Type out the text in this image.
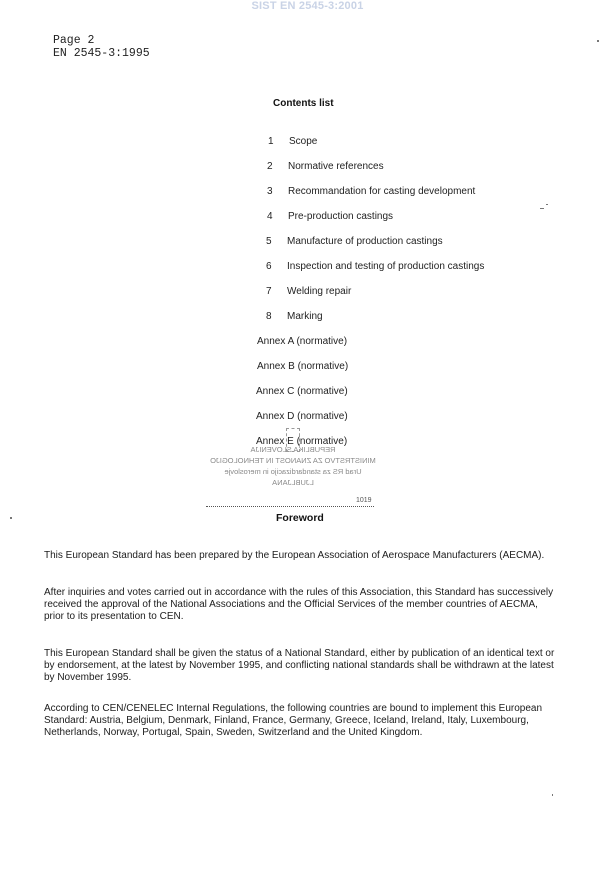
SIST EN 2545-3:2001
Page 2
EN 2545-3:1995
Contents list
1 Scope
2 Normative references
3 Recommandation for casting development
4 Pre-production castings
5 Manufacture of production castings
6 Inspection and testing of production castings
7 Welding repair
8 Marking
Annex A (normative)
Annex B (normative)
Annex C (normative)
Annex D (normative)
Annex E (normative)
REPUBLIKA SLOVENIJA
MINISTRSTVO ZA ZNANOST IN TEHNOLOGIJO
Urad RS za standardizacijo in meroslovje
LJUBLJANA
1019
Foreword
This European Standard has been prepared by the European Association of Aerospace Manufacturers (AECMA).
After inquiries and votes carried out in accordance with the rules of this Association, this Standard has successively received the approval of the National Associations and the Official Services of the member countries of AECMA, prior to its presentation to CEN.
This European Standard shall be given the status of a National Standard, either by publication of an identical text or by endorsement, at the latest by November 1995, and conflicting national standards shall be withdrawn at the latest by November 1995.
According to CEN/CENELEC Internal Regulations, the following countries are bound to implement this European Standard: Austria, Belgium, Denmark, Finland, France, Germany, Greece, Iceland, Ireland, Italy, Luxembourg, Netherlands, Norway, Portugal, Spain, Sweden, Switzerland and the United Kingdom.
